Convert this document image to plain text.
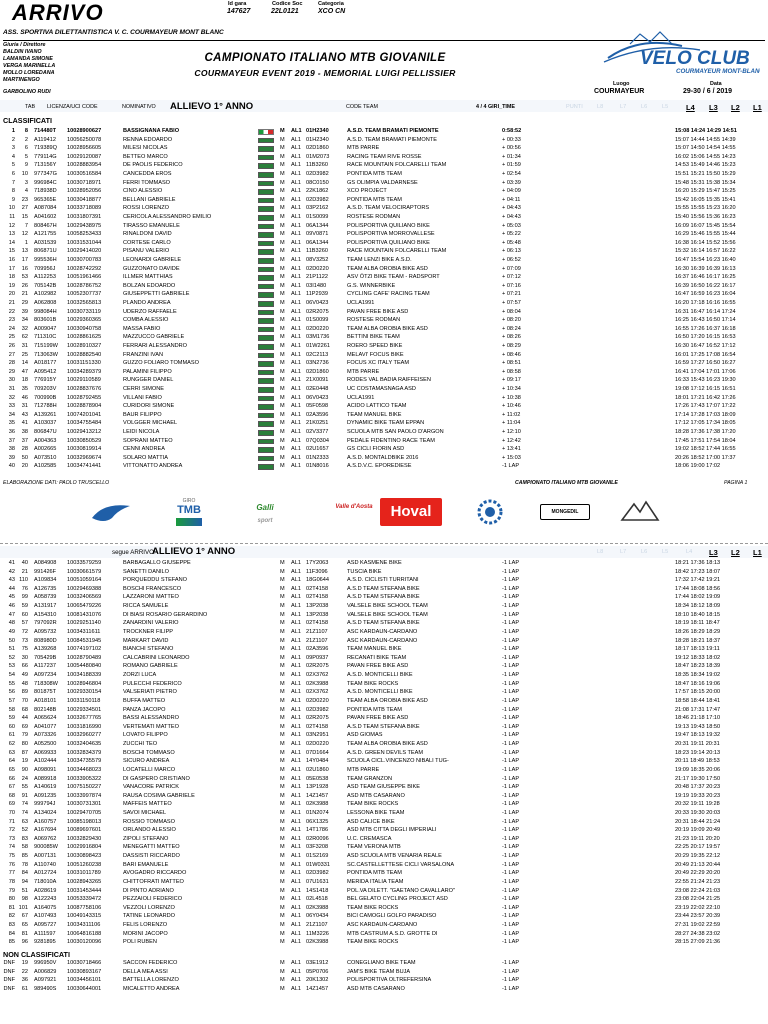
ARRIVO	Id gara
147627
Codice Soc
22L0121
Categoria
XCO CN
ASS. SPORTIVA DILETTANTISTICA V. C. COURMAYEUR MONT BLANC
Giuria / Direttore
BALDIN IVANO
LAMANDA SIMONE
VERGA MARINELLA
MOLLO LOREDANA
MARTINENGO
GARBOLINO RUDI
CAMPIONATO ITALIANO MTB GIOVANILE
COURMAYEUR EVENT 2019 - MEMORIAL LUIGI PELLISSIER
VELO CLUB
COURMAYEUR MONT-BLANC
Luogo
COURMAYEUR
Data
29-30 / 6 / 2019
TAB LICENZA/UCI CODE	NOMINATIVO ALLIEVO 1° ANNO	CODE TEAM	4 / 4 GIRI_TIME	PUNTI	L8	L7	L6	L5 L4 L3 L2 L1
CLASSIFICATI
1	8 714480T 10028900627	BASSIGNANA FABIO	M AL1 01H2340	A.S.D. TEAM BRAMATI PIEMONTE	0:58:52	15:08 14:24 14:29 14:51
2	2 A119412 10056250078	RENNA EDOARDO	M AL1 01H2340	A.S.D. TEAM BRAMATI PIEMONTE	+ 00:33	15:07 14:44 14:55 14:39
3	6 719389Q 10028956605	MILESI NICOLAS	M AL1 02D1860	MTB PARRE	+ 00:56	15:07 14:50 14:54 14:55
4	5 779114G 10029120087	BETTEO MARCO	M AL1 01M2073	RACING TEAM RIVE ROSSE	+ 01:34	16:02 15:06 14:55 14:23
5	9 713156Y 10028883954	DE PAOLIS FEDERICO	M AL1 11B3260	RACE MOUNTAIN FOLCARELLI TEAM	+ 01:59	14:53 15:49 14:46 15:23
6	10 977347G 10030516584	CANCEDDA EROS	M AL1 02D3982	PONTIDA MTB TEAM	+ 02:54	15:51 15:21 15:50 15:29
7	3 996984C 10030718971	FERRI TOMMASO	M AL1 08C0150	GS OLIMPIA VALDARNESE	+ 03:39	15:48 15:31 15:38 15:34
8	4 718938D 10028952056	CINO ALESSIO	M AL1 22K1862	XCO PROJECT	+ 04:09	16:20 15:29 15:47 15:25
9	23 965365E 10030418877	BELLANI GABRIELE	M AL1 02D3982	PONTIDA MTB TEAM	+ 04:11	15:42 16:05 15:35 15:41
10	27 A087084 10033718089	ROSSI LORENZO	M AL1 03P2162	A.S.D. TEAM VELOCIRAPTORS	+ 04:43	15:55 15:55 15:23 16:20
11	15 A041602 10031807391	CERICOLA ALESSANDRO EMILIO	M AL1 01S0099	ROSTESE RODMAN	+ 04:43	15:40 15:56 15:36 16:23
12	7 808467H 10029438975	TIRASSO EMANUELE	M AL1 06A1344	POLISPORTIVA QUILIANO BIKE	+ 05:03	16:09 16:07 15:45 15:54
13	12 A121755 10058253433	RINALDONI DAVID	M AL1 09V0871	POLISPORTIVA MORROVALLESE	+ 05:22	16:29 15:46 15:55 15:44
14	1 A031539 10031531044	CORTESE CARLO	M AL1 06A1344	POLISPORTIVA QUILIANO BIKE	+ 05:48	16:38 16:14 15:52 15:56
15	13 806871U 10029414020	PISANU VALERIO	M AL1 11B3260	RACE MOUNTAIN FOLCARELLI TEAM	+ 06:13	15:32 16:14 16:57 16:22
16	17 995536H 10030700783	LEONARDI GABRIELE	M AL1 08V3252	TEAM LENZI BIKE A.S.D.	+ 06:52	16:47 15:54 16:23 16:40
17	16 709956J 10028742292	GUZZONATO DAVIDE	M AL1 02D0220	TEAM ALBA OROBIA BIKE ASD	+ 07:09	16:30 16:39 16:39 16:13
18	53 A112253 10051961466	ILLMER MATTHIAS	M AL1 21P1122	ASV ÖTZI BIKE TEAM - RADSPORT	+ 07:12	16:37 16:46 16:17 16:25
19	26 705142B 10028786752	BOLZAN EDOARDO	M AL1 03I1480	G.S. WINNERBIKE	+ 07:16	16:39 16:50 16:22 16:17
20	21 A102982 10052307737	GIUSEPPETTI GABRIELE	M AL1 11P2939	CYCLING CAFE' RACING TEAM	+ 07:21	16:47 16:59 16:23 16:04
21	29 A062808 10032565813	PLANDO ANDREA	M AL1 06V0423	UCLA1991	+ 07:57	16:20 17:18 16:16 16:55
22	39 998084H 10030733119	UDERZO RAFFAELE	M AL1 02R2075	PAVAN FREE BIKE ASD	+ 08:04	16:31 16:47 16:14 17:24
23	34 803601B 10029360365	COMBA ALESSIO	M AL1 01S0099	ROSTESE RODMAN	+ 08:20	16:25 16:43 16:50 17:14
24	32 A009047 10030940758	MASSA FABIO	M AL1 02D0220	TEAM ALBA OROBIA BIKE ASD	+ 08:24	16:55 17:26 16:37 16:18
25	62 711310C 10028861625	MAZZUCCO GABRIELE	M AL1 03M1736	BETTINI BIKE TEAM	+ 08:26	16:50 17:20 16:15 16:53
26	31 715199W 10028910327	FERRARI ALESSANDRO	M AL1 01W2261	ROERO SPEED BIKE	+ 08:29	16:30 16:47 16:52 17:12
27	25 713063W 10028882540	FRANZINI IVAN	M AL1 02C2113	MELAVI' FOCUS BIKE	+ 08:46	16:01 17:25 17:08 16:54
28	14 A018177 10031151330	GUZZO FOLIARO TOMMASO	M AL1 03N2736	FOCUS XC ITALY TEAM	+ 08:51	16:59 17:27 16:50 16:27
29	47 A095412 10034289379	PALAMINI FILIPPO	M AL1 02D1860	MTB PARRE	+ 08:58	16:41 17:04 17:01 17:06
30	18 776915Y 10029110589	RUNGGER DANIEL	M AL1 21X0091	RODES VAL BADIA RAIFFEISEN	+ 09:17	16:33 15:43 16:23 19:30
31	35 709203V 10028837676	CERRI SIMONE	M AL1 02E0448	UC COSTAMASNAGA ASD	+ 10:34	19:08 17:12 16:15 16:51
32	46 700990B 10028792455	VILLANI FABIO	M AL1 06V0423	UCLA1991	+ 10:38	18:01 17:21 16:42 17:26
33	31 712788H 10028878904	CURIDORI SIMONE	M AL1 05F0598	ACIDO LATTICO TEAM	+ 10:46	17:26 17:43 17:07 17:22
34	43 A139261 10074201041	BAUR FILIPPO	M AL1 02A3596	TEAM MANUEL BIKE	+ 11:02	17:14 17:28 17:03 18:09
35	41 A103037 10034755484	VOLGGER MICHAEL	M AL1 21K0251	DYNAMIC BIKE TEAM EPPAN	+ 11:04	17:12 17:05 17:34 18:05
36	38 806847U 10029413212	LEIDI NICOLA	M AL1 02V3377	SCUOLA MTB SAN PAOLO D'ARGON	+ 12:10	18:28 17:36 17:38 17:20
37	37 A004363 10030850529	SOPRANI MATTEO	M AL1 07Q0304	PEDALE FIDENTINO RACE TEAM	+ 12:42	17:45 17:51 17:54 18:04
38	28 A002665 10030819914	CENNI ANDREA	M AL1 02U1657	GS CICLI FIORIN ASD	+ 13:41	19:02 18:52 17:44 16:55
39	50 A073510 10032969674	SOLARO MATTIA	M AL1 01N2333	A.S.D. MONTALDBIKE 2016	+ 15:03	20:26 18:52 17:00 17:37
40	20 A102585 10034741441	VITTONATTO ANDREA	M AL1 01N8016	A.S.D.V.C. EPOREDIESE	-1 LAP	18:06 19:00 17:02
ELABORAZIONE DATI: PAOLO TRUSCELLO	CAMPIONATO ITALIANO MTB GIOVANILE	PAGINA 1
GIRO
TMB	Galli
sport
Valle d'Aosta	Hoval	MONGEDIL
segue ARRIVO:
ALLIEVO 1° ANNO	L8	L7	L6	L5	L4 L3 L2 L1
41	40 A084908 10033579259	BARBAGALLO GIUSEPPE	M AL1 17Y2063	ASD KASMENE BIKE	-1 LAP	18:21 17:36 18:13
42	21 991426F 10030661579	SANETTI DANILO	M AL1 11F3096	TUSCIA BIKE	-1 LAP	18:42 17:23 18:07
43 110 A109834 10051059164	PORQUEDDU STEFANO	M AL1 18G0644	A.S.D. CICLISTI TURRITANI	-1 LAP	17:32 17:42 19:21
44	76 A126735 10029469388	BOSCHI FRANCESCO	M AL1 02T4158	A.S.D TEAM STEFANA BIKE	-1 LAP	17:44 18:08 18:56
45	99 A058739 10032406569	LAZZARONI MATTEO	M AL1 02T4158	A.S.D TEAM STEFANA BIKE	-1 LAP	17:44 18:02 19:09
46	59 A131917 10065479226	RICCA SAMUELE	M AL1 13P2038	VALSELE BIKE SCHOOL TEAM	-1 LAP	18:34 18:12 18:09
47	60 A154310 10081431076	DI BIASI ROSARIO GERARDINO	M AL1 13P2038	VALSELE BIKE SCHOOL TEAM	-1 LAP	18:10 18:40 18:15
48	57 797092R 10029251140	ZANARDINI VALERIO	M AL1 02T4158	A.S.D TEAM STEFANA BIKE	-1 LAP	18:19 18:11 18:47
49	72 A095732 10034311611	TROCKNER FILIPP	M AL1 21Z1107	ASC KARDAUN-CARDANO	-1 LAP	18:26 18:29 18:29
50	73 808980D 10084531945	MARKART DAVID	M AL1 21Z1107	ASC KARDAUN-CARDANO	-1 LAP	18:28 18:21 18:37
51	75 A139268 10074197102	BIANCHI STEFANO	M AL1 02A3596	TEAM MANUEL BIKE	-1 LAP	18:17 18:13 19:11
52	30 705429B 10028790489	CALCABRINI LEONARDO	M AL1 09P0937	RECANATI BIKE TEAM	-1 LAP	19:12 18:33 18:02
53	66 A117237 10054480840	ROMANO GABRIELE	M AL1 02R2075	PAVAN FREE BIKE ASD	-1 LAP	18:47 18:23 18:39
54	49 A097234 10034188339	ZORZI LUCA	M AL1 02X3762	A.S.D. MONTICELLI BIKE	-1 LAP	18:35 18:34 19:02
55	48 718308W 10028946804	PULECCHI FEDERICO	M AL1 02K3988	TEAM BIKE ROCKS	-1 LAP	18:47 18:16 19:06
56	89 801875T 10029330154	VALSERIATI PIETRO	M AL1 02X3762	A.S.D. MONTICELLI BIKE	-1 LAP	17:57 18:15 20:00
57	70 A018101 10031150118	BUFFA MATTEO	M AL1 02D0220	TEAM ALBA OROBIA BIKE ASD	-1 LAP	18:58 18:44 18:41
58	68 802148B 10029334501	PANZA JACOPO	M AL1 02D3982	PONTIDA MTB TEAM	-1 LAP	21:08 17:31 17:47
59	44 A065624 10032677765	BASSI ALESSANDRO	M AL1 02R2075	PAVAN FREE BIKE ASD	-1 LAP	18:46 21:18 17:10
60	69 A041077 10031816990	VERTEMATI MATTEO	M AL1 02T4158	A.S.D TEAM STEFANA BIKE	-1 LAP	19:13 19:43 18:50
61	79 A073326 10032960277	LOVATO FILIPPO	M AL1 03N2951	ASD GIOMAS	-1 LAP	19:47 18:13 19:32
62	80 A052500 10032404635	ZUCCHI TEO	M AL1 02D0220	TEAM ALBA OROBIA BIKE ASD	-1 LAP	20:31 19:11 20:31
63	87 A069933 10032834379	BOSCHI TOMMASO	M AL1 07D1664	A.S.D. GREEN DEVILS TEAM	-1 LAP	18:23 19:14 20:13
64	19 A102444 10034735579	SICURO ANDREA	M AL1 14Y0484	SCUOLA CICL.VINCENZO NIBALI TUG-	-1 LAP	20:11 18:49 18:53
65	90 A098091 10034468023	LOCATELLI MARCO	M AL1 02U1860	MTB PARRE	-1 LAP	19:09 18:35 20:06
66	24 A089918 10033905322	DI GASPERO CRISTIANO	M AL1 05E0538	TEAM GRANZON	-1 LAP	21:17 19:30 17:50
67	55 A140619 10075150227	VANACORE PATRICK	M AL1 13P1928	ASD TEAM GIUSEPPE BIKE	-1 LAP	20:48 17:37 20:23
68	91 A091235 10033997874	RAUSA COSIMA GABRIELE	M AL1 14Z1457	ASD MTB CASARANO	-1 LAP	19:19 19:33 20:23
69	74 999794J 10030731301	MAFFEIS MATTEO	M AL1 02K3988	TEAM BIKE ROCKS	-1 LAP	20:32 19:11 19:28
70	74 A134024 10029470705	SAVOI MICHAEL	M AL1 01N2074	LESSONA BIKE TEAM	-1 LAP	20:33 19:30 20:03
71	63 A160757 10085198013	ROSSIO TOMMASO	M AL1 06X1325	ASD CALICE BIKE	-1 LAP	20:31 18:44 21:24
72	52 A167694 10089697601	ORLANDO ALESSIO	M AL1 14T1786	ASD MTB CITTA DEGLI IMPERIALI	-1 LAP	20:19 19:09 20:49
73	83 A069762 10032829430	ZIPOLI STEFANO	M AL1 02R0096	U.C. CREMASCA	-1 LAP	21:23 19:11 20:20
74	58 900085W 10029916804	MENEGATTI MATTEO	M AL1 03F3208	TEAM VERONA MTB	-1 LAP	22:25 20:17 19:57
75	85 A007131 10030898423	DASSISTI RICCARDO	M AL1 01S2169	ASD SCUOLA MTB VENARIA REALE	-1 LAP	20:29 19:35 22:12
76	78 A110740 10051260238	BARI EMANUELE	M AL1 01W0331	SC.CASTELLETTESE CICLI VARSALONA	-1 LAP	20:49 21:13 20:44
77	84 A012724 10031011789	AVOGADRO RICCARDO	M AL1 02D3982	PONTIDA MTB TEAM	-1 LAP	20:49 22:29 20:20
78	94 718010A 10028943265	CHITTOFRATI MATTEO	M AL1 07U1631	MERIDA ITALIA TEAM	-1 LAP	22:55 21:24 21:23
79	51 A028619 10031453444	DI PINTO ADRIANO	M AL1 14S1418	POL.VA DILETT. "GAETANO CAVALLARO"	-1 LAP	23:08 22:24 21:03
80	98 A122243 10053339472	PEZZAIOLI FEDERICO	M AL1 02L4518	BEL GELATO CYCLING PROJECT ASD	-1 LAP	23:08 22:04 21:25
81 101 A164075 10087758106	VEZZOLI LORENZO	M AL1 02K3988	TEAM BIKE ROCKS	-1 LAP	23:19 22:02 22:10
82	67 A107493 10049143315	TATINE LEONARDO	M AL1 06Y0434	BICI CAMOGLI GOLFO PARADISO	-1 LAP	23:44 23:57 20:39
83	65 A095727 10034311106	FELIS LORENZO	M AL1 21Z1107	ASC KARDAUN-CARDANO	-1 LAP	27:31 19:02 22:59
84	81 A111597 10064816188	MORINI JACOPO	M AL1 11M3226	MTB CASTRUM A.S.D. GROTTE DI	-1 LAP	28:27 24:38 23:02
85	96 9281895 10030120096	POLI RUBEN	M AL1 02K3988	TEAM BIKE ROCKS	-1 LAP	28:15 27:09 21:36
NON CLASSIFICATI
DNF	19 996950V 10030718466	SACCON FEDERICO	M AL1 03E1912	CONEGLIANO BIKE TEAM	-1 LAP
DNF	22 A006829 10030893167	DELLA MEA ASSI	M AL1 05P0706	JAM'S BIKE TEAM BUJA	-1 LAP
DNF	36 A097921 10034456101	BATTELLA LORENZO	M AL1 20K1302	POLISPORTIVA OLTREFERSINA	-1 LAP
DNF	61 989490S 10030644001	MICALETTO ANDREA	M AL1 14Z1457	ASD MTB CASARANO	-1 LAP
